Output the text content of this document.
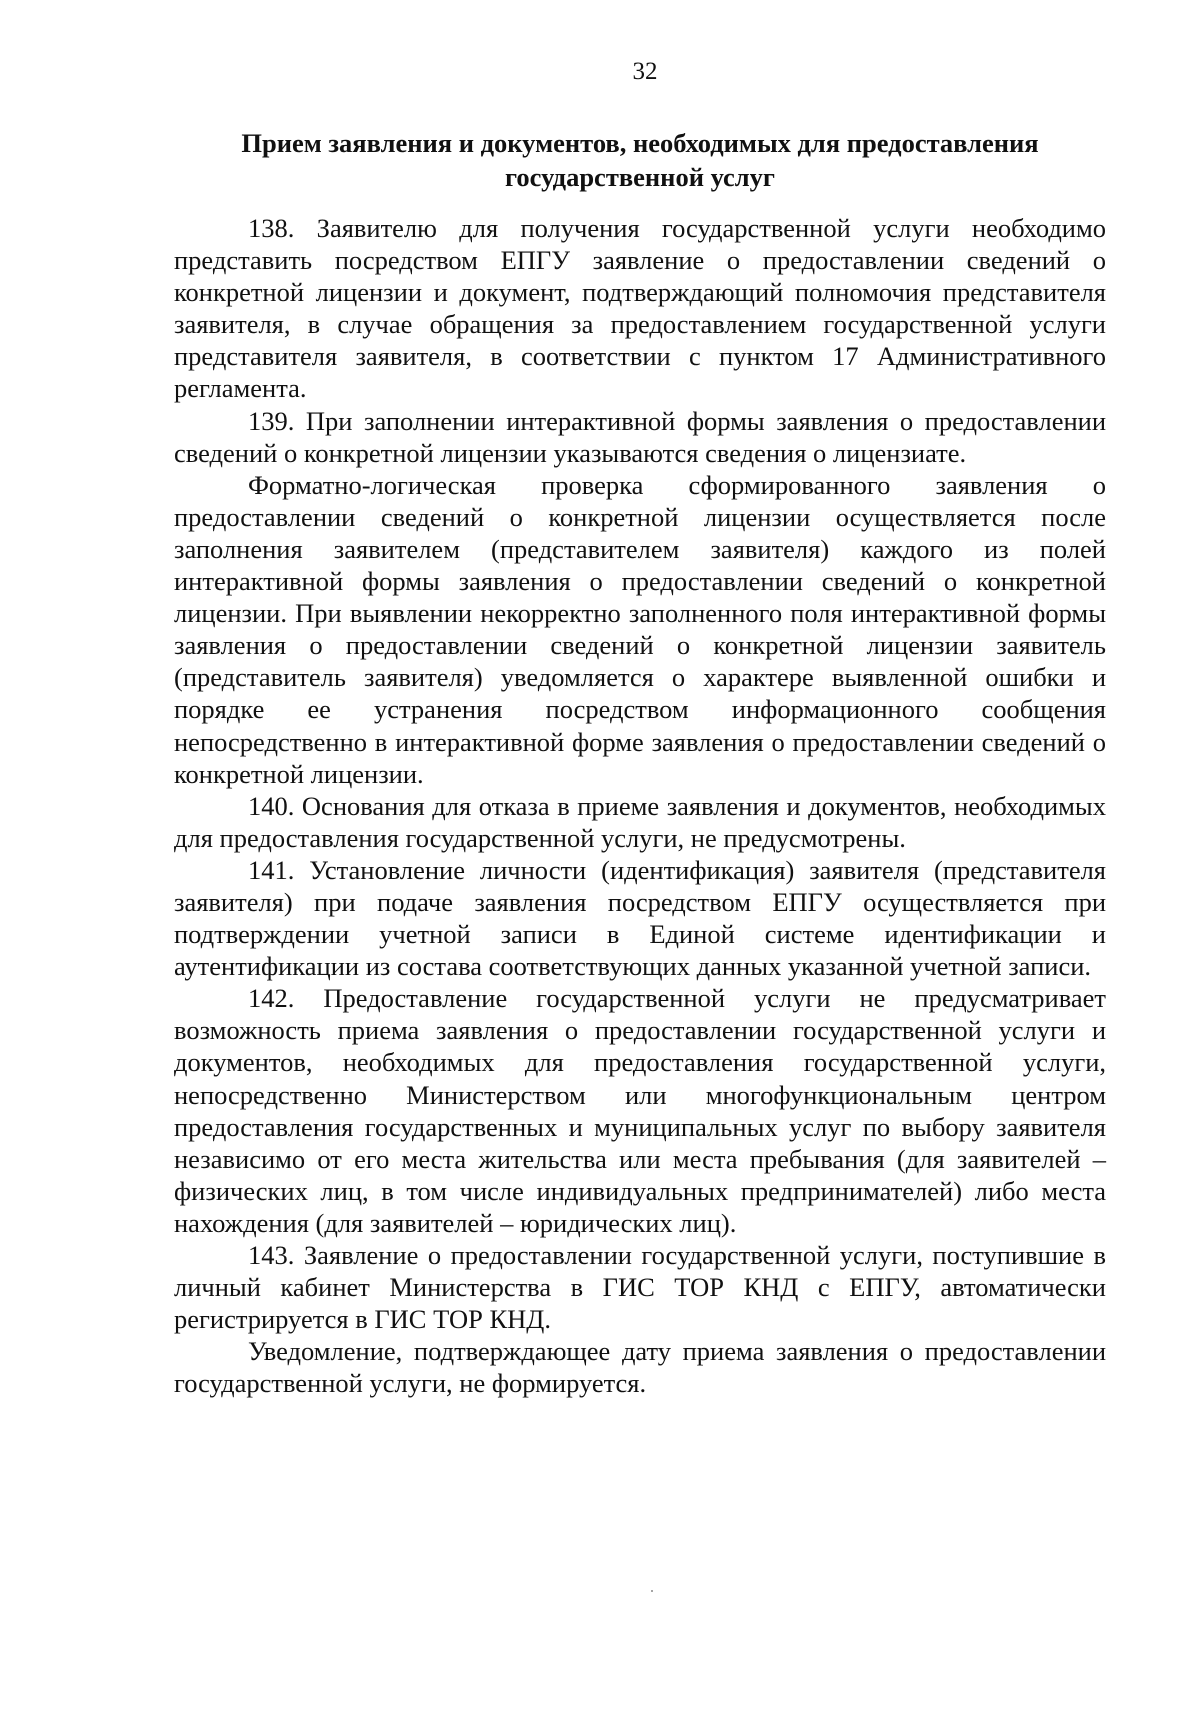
32
Прием заявления и документов, необходимых для предоставления
государственной услуг

138. Заявителю для получения государственной услуги необходимо представить посредством ЕПГУ заявление о предоставлении сведений о конкретной лицензии и документ, подтверждающий полномочия представителя заявителя, в случае обращения за предоставлением государственной услуги представителя заявителя, в соответствии с пунктом 17 Административного регламента.

139. При заполнении интерактивной формы заявления о предоставлении сведений о конкретной лицензии указываются сведения о лицензиате.

Форматно-логическая проверка сформированного заявления о предоставлении сведений о конкретной лицензии осуществляется после заполнения заявителем (представителем заявителя) каждого из полей интерактивной формы заявления о предоставлении сведений о конкретной лицензии. При выявлении некорректно заполненного поля интерактивной формы заявления о предоставлении сведений о конкретной лицензии заявитель (представитель заявителя) уведомляется о характере выявленной ошибки и порядке ее устранения посредством информационного сообщения непосредственно в интерактивной форме заявления о предоставлении сведений о конкретной лицензии.

140. Основания для отказа в приеме заявления и документов, необходимых для предоставления государственной услуги, не предусмотрены.

141. Установление личности (идентификация) заявителя (представителя заявителя) при подаче заявления посредством ЕПГУ осуществляется при подтверждении учетной записи в Единой системе идентификации и аутентификации из состава соответствующих данных указанной учетной записи.

142. Предоставление государственной услуги не предусматривает возможность приема заявления о предоставлении государственной услуги и документов, необходимых для предоставления государственной услуги, непосредственно Министерством или многофункциональным центром предоставления государственных и муниципальных услуг по выбору заявителя независимо от его места жительства или места пребывания (для заявителей – физических лиц, в том числе индивидуальных предпринимателей) либо места нахождения (для заявителей – юридических лиц).

143. Заявление о предоставлении государственной услуги, поступившие в личный кабинет Министерства в ГИС ТОР КНД с ЕПГУ, автоматически регистрируется в ГИС ТОР КНД.

Уведомление, подтверждающее дату приема заявления о предоставлении государственной услуги, не формируется.
